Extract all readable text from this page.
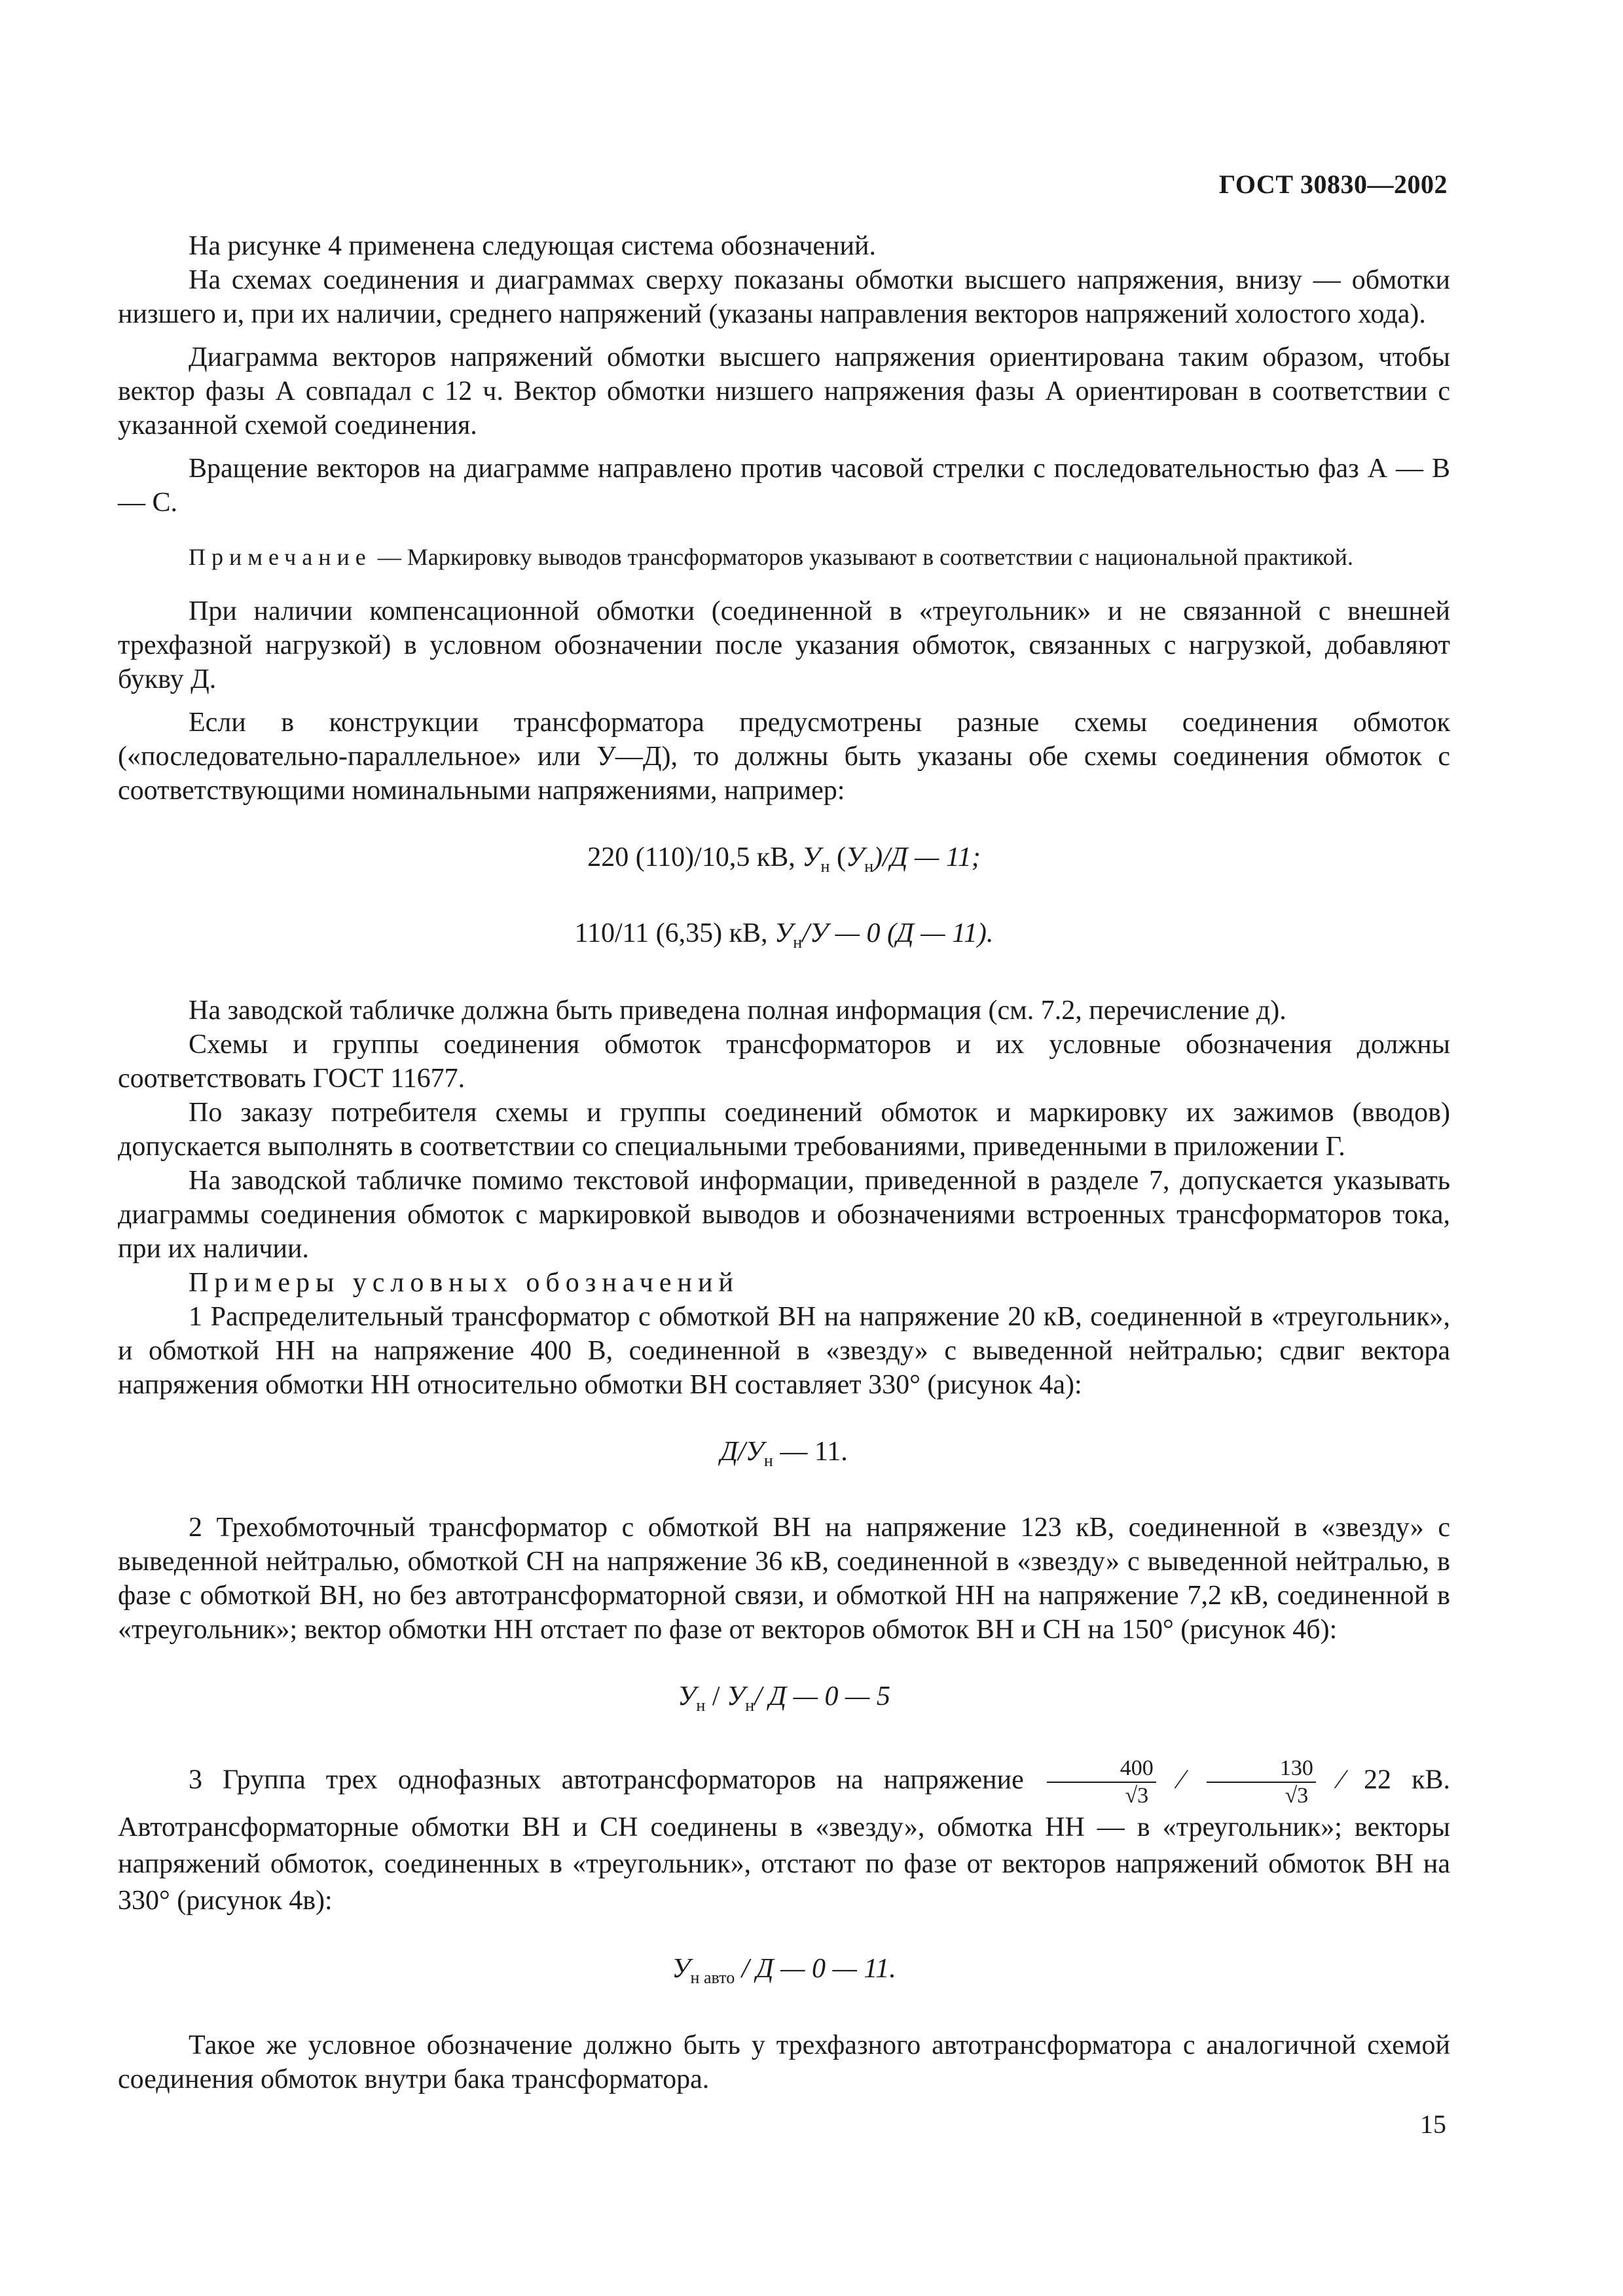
ГОСТ 30830—2002

На рисунке 4 применена следующая система обозначений.

На схемах соединения и диаграммах сверху показаны обмотки высшего напряжения, внизу — обмотки низшего и, при их наличии, среднего напряжений (указаны направления векторов напряжений холостого хода).

Диаграмма векторов напряжений обмотки высшего напряжения ориентирована таким образом, чтобы вектор фазы А совпадал с 12 ч. Вектор обмотки низшего напряжения фазы А ориентирован в соответствии с указанной схемой соединения.

Вращение векторов на диаграмме направлено против часовой стрелки с последовательностью фаз А — В — С.

Примечание — Маркировку выводов трансформаторов указывают в соответствии с национальной практикой.

При наличии компенсационной обмотки (соединенной в «треугольник» и не связанной с внешней трехфазной нагрузкой) в условном обозначении после указания обмоток, связанных с нагрузкой, добавляют букву Д.

Если в конструкции трансформатора предусмотрены разные схемы соединения обмоток («последовательно-параллельное» или У—Д), то должны быть указаны обе схемы соединения обмоток с соответствующими номинальными напряжениями, например:

220 (110)/10,5 кВ, $У_н$ $(У_н)/Д$ — 11;

110/11 (6,35) кВ, $У_н/У$ — 0 (Д — 11).

На заводской табличке должна быть приведена полная информация (см. 7.2, перечисление д).

Схемы и группы соединения обмоток трансформаторов и их условные обозначения должны соответствовать ГОСТ 11677.

По заказу потребителя схемы и группы соединений обмоток и маркировку их зажимов (вводов) допускается выполнять в соответствии со специальными требованиями, приведенными в приложении Г.

На заводской табличке помимо текстовой информации, приведенной в разделе 7, допускается указывать диаграммы соединения обмоток с маркировкой выводов и обозначениями встроенных трансформаторов тока, при их наличии.

Примеры условных обозначений

1 Распределительный трансформатор с обмоткой ВН на напряжение 20 кВ, соединенной в «треугольник», и обмоткой НН на напряжение 400 В, соединенной в «звезду» с выведенной нейтралью; сдвиг вектора напряжения обмотки НН относительно обмотки ВН составляет 330° (рисунок 4а):

$Д/У_н$ — 11.

2 Трехобмоточный трансформатор с обмоткой ВН на напряжение 123 кВ, соединенной в «звезду» с выведенной нейтралью, обмоткой СН на напряжение 36 кВ, соединенной в «звезду» с выведенной нейтралью, в фазе с обмоткой ВН, но без автотрансформаторной связи, и обмоткой НН на напряжение 7,2 кВ, соединенной в «треугольник»; вектор обмотки НН отстает по фазе от векторов обмоток ВН и СН на 150° (рисунок 4б):

$У_н / У_н/$ Д — 0 — 5

3 Группа трех однофазных автотрансформаторов на напряжение $\frac{400}{√3}$ ⁄ $\frac{130}{√3}$ ⁄ 22 кВ. Автотрансформаторные обмотки ВН и СН соединены в «звезду», обмотка НН — в «треугольник»; векторы напряжений обмоток, соединенных в «треугольник», отстают по фазе от векторов напряжений обмоток ВН на 330° (рисунок 4в):

$У_{н авто}$ / Д — 0 — 11.

Такое же условное обозначение должно быть у трехфазного автотрансформатора с аналогичной схемой соединения обмоток внутри бака трансформатора.

15
